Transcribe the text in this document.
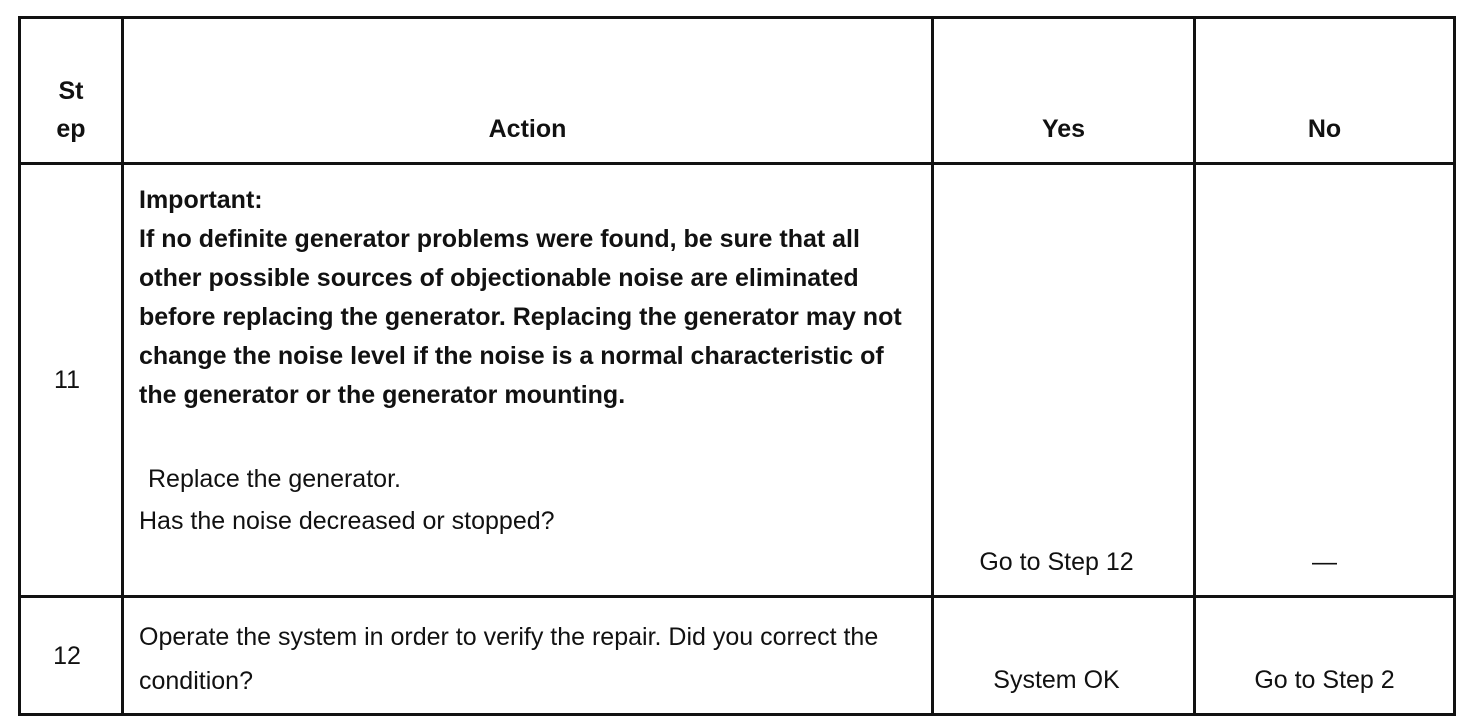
St
ep	Action	Yes	No
11	Important:
If no definite generator problems were found, be sure that all other possible sources of objectionable noise are eliminated before replacing the generator. Replacing the generator may not change the noise level if the noise is a normal characteristic of the generator or the generator mounting.
Replace the generator.
Has the noise decreased or stopped?	Go to Step 12	—
12	Operate the system in order to verify the repair. Did you correct the condition?	System OK	Go to Step 2
